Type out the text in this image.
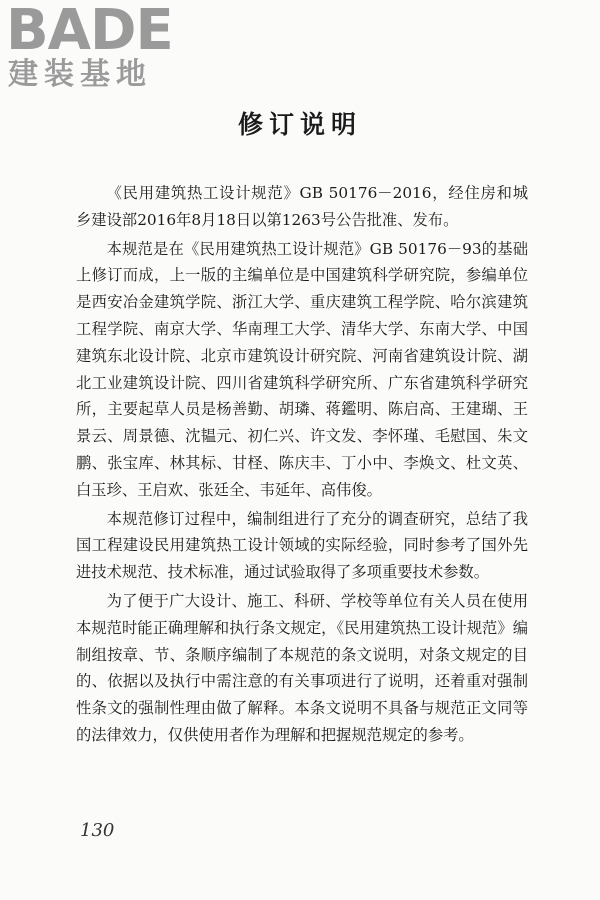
BADE
建装基地
修订说明

《民用建筑热工设计规范》GB 50176－2016，经住房和城乡建设部2016年8月18日以第1263号公告批准、发布。

本规范是在《民用建筑热工设计规范》GB 50176－93的基础上修订而成，上一版的主编单位是中国建筑科学研究院，参编单位是西安冶金建筑学院、浙江大学、重庆建筑工程学院、哈尔滨建筑工程学院、南京大学、华南理工大学、清华大学、东南大学、中国建筑东北设计院、北京市建筑设计研究院、河南省建筑设计院、湖北工业建筑设计院、四川省建筑科学研究所、广东省建筑科学研究所，主要起草人员是杨善勤、胡璘、蒋鑑明、陈启高、王建瑚、王景云、周景德、沈韫元、初仁兴、许文发、李怀瑾、毛慰国、朱文鹏、张宝库、林其标、甘柽、陈庆丰、丁小中、李焕文、杜文英、白玉珍、王启欢、张廷全、韦延年、高伟俊。

本规范修订过程中，编制组进行了充分的调查研究，总结了我国工程建设民用建筑热工设计领域的实际经验，同时参考了国外先进技术规范、技术标准，通过试验取得了多项重要技术参数。

为了便于广大设计、施工、科研、学校等单位有关人员在使用本规范时能正确理解和执行条文规定，《民用建筑热工设计规范》编制组按章、节、条顺序编制了本规范的条文说明，对条文规定的目的、依据以及执行中需注意的有关事项进行了说明，还着重对强制性条文的强制性理由做了解释。本条文说明不具备与规范正文同等的法律效力，仅供使用者作为理解和把握规范规定的参考。

130
